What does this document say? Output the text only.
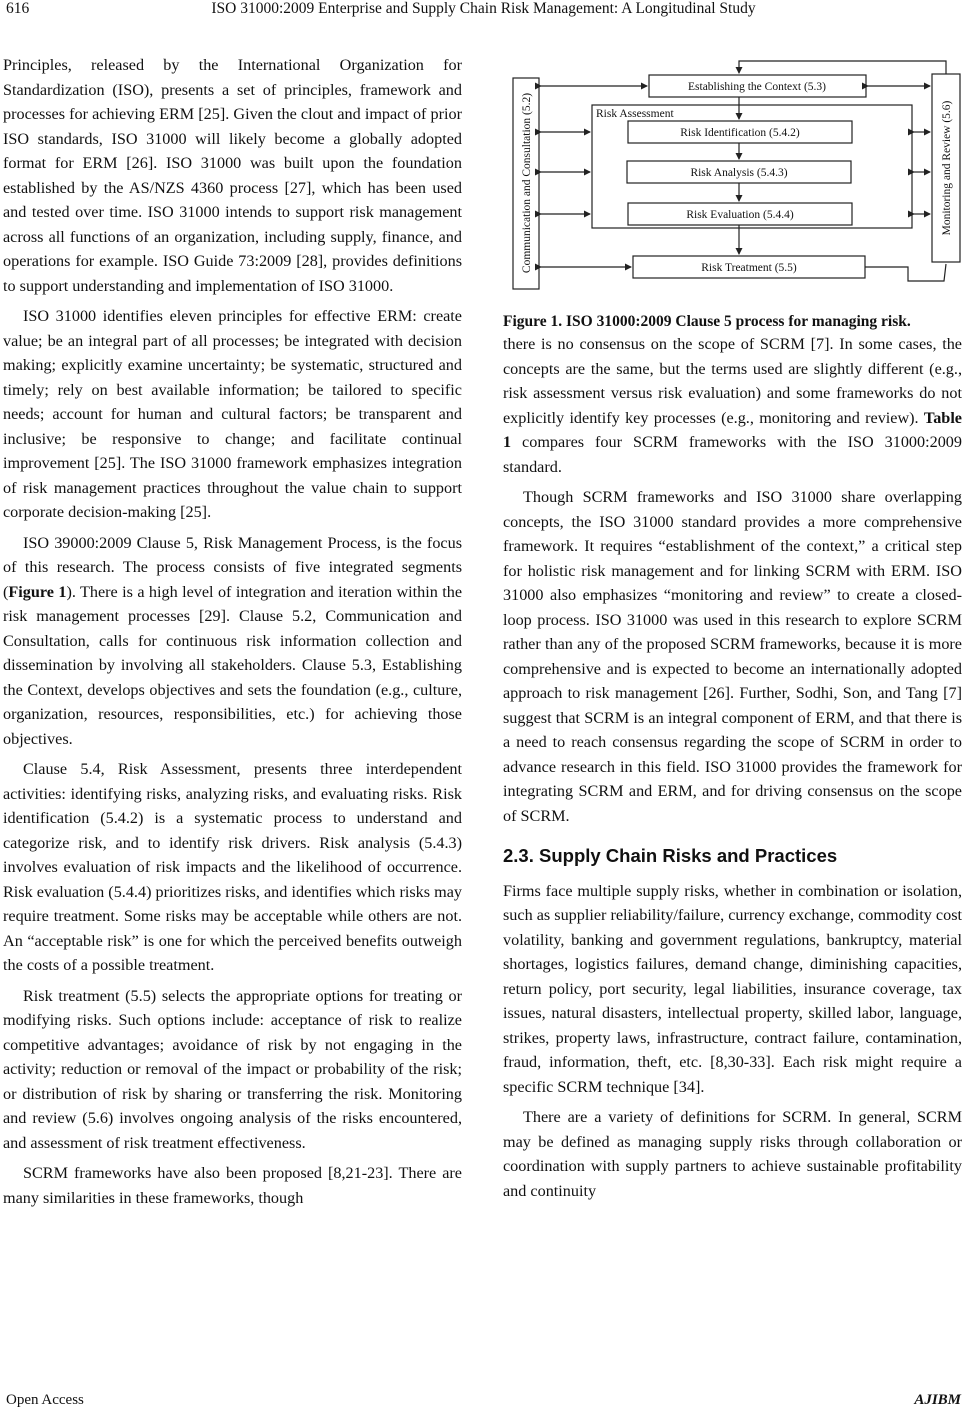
616	ISO 31000:2009 Enterprise and Supply Chain Risk Management: A Longitudinal Study

Principles, released by the International Organization for Standardization (ISO), presents a set of principles, framework and processes for achieving ERM [25]. Given the clout and impact of prior ISO standards, ISO 31000 will likely become a globally adopted format for ERM [26]. ISO 31000 was built upon the foundation established by the AS/NZS 4360 process [27], which has been used and tested over time. ISO 31000 intends to support risk management across all functions of an organization, including supply, finance, and operations for example. ISO Guide 73:2009 [28], provides definitions to support understanding and implementation of ISO 31000.

ISO 31000 identifies eleven principles for effective ERM: create value; be an integral part of all processes; be integrated with decision making; explicitly examine uncertainty; be systematic, structured and timely; rely on best available information; be tailored to specific needs; account for human and cultural factors; be transparent and inclusive; be responsive to change; and facilitate continual improvement [25]. The ISO 31000 framework emphasizes integration of risk management practices throughout the value chain to support corporate decision-making [25].

ISO 39000:2009 Clause 5, Risk Management Process, is the focus of this research. The process consists of five integrated segments (Figure 1). There is a high level of integration and iteration within the risk management processes [29]. Clause 5.2, Communication and Consultation, calls for continuous risk information collection and dissemination by involving all stakeholders. Clause 5.3, Establishing the Context, develops objectives and sets the foundation (e.g., culture, organization, resources, responsibilities, etc.) for achieving those objectives.

Clause 5.4, Risk Assessment, presents three interdependent activities: identifying risks, analyzing risks, and evaluating risks. Risk identification (5.4.2) is a systematic process to understand and categorize risk, and to identify risk drivers. Risk analysis (5.4.3) involves evaluation of risk impacts and the likelihood of occurrence. Risk evaluation (5.4.4) prioritizes risks, and identifies which risks may require treatment. Some risks may be acceptable while others are not. An “acceptable risk” is one for which the perceived benefits outweigh the costs of a possible treatment.

Risk treatment (5.5) selects the appropriate options for treating or modifying risks. Such options include: acceptance of risk to realize competitive advantages; avoidance of risk by not engaging in the activity; reduction or removal of the impact or probability of the risk; or distribution of risk by sharing or transferring the risk. Monitoring and review (5.6) involves ongoing analysis of the risks encountered, and assessment of risk treatment effectiveness.

SCRM frameworks have also been proposed [8,21-23]. There are many similarities in these frameworks, though

Establishing the Context (5.3)
Risk Assessment
Risk Identification (5.4.2)
Risk Analysis (5.4.3)
Risk Evaluation (5.4.4)
Risk Treatment (5.5)
Communication and Consultation (5.2)	Monitoring and Review (5.6)

Figure 1. ISO 31000:2009 Clause 5 process for managing risk.

there is no consensus on the scope of SCRM [7]. In some cases, the concepts are the same, but the terms used are slightly different (e.g., risk assessment versus risk evaluation) and some frameworks do not explicitly identify key processes (e.g., monitoring and review). Table 1 compares four SCRM frameworks with the ISO 31000:2009 standard.

Though SCRM frameworks and ISO 31000 share overlapping concepts, the ISO 31000 standard provides a more comprehensive framework. It requires “establishment of the context,” a critical step for holistic risk management and for linking SCRM with ERM. ISO 31000 also emphasizes “monitoring and review” to create a closed-loop process. ISO 31000 was used in this research to explore SCRM rather than any of the proposed SCRM frameworks, because it is more comprehensive and is expected to become an internationally adopted approach to risk management [26]. Further, Sodhi, Son, and Tang [7] suggest that SCRM is an integral component of ERM, and that there is a need to reach consensus regarding the scope of SCRM in order to advance research in this field. ISO 31000 provides the framework for integrating SCRM and ERM, and for driving consensus on the scope of SCRM.

2.3. Supply Chain Risks and Practices

Firms face multiple supply risks, whether in combination or isolation, such as supplier reliability/failure, currency exchange, commodity cost volatility, banking and government regulations, bankruptcy, material shortages, logistics failures, demand change, diminishing capacities, return policy, port security, legal liabilities, insurance coverage, tax issues, natural disasters, intellectual property, skilled labor, language, strikes, property laws, infrastructure, contract failure, contamination, fraud, information, theft, etc. [8,30-33]. Each risk might require a specific SCRM technique [34].

There are a variety of definitions for SCRM. In general, SCRM may be defined as managing supply risks through collaboration or coordination with supply partners to achieve sustainable profitability and continuity

Open Access	AJIBM
